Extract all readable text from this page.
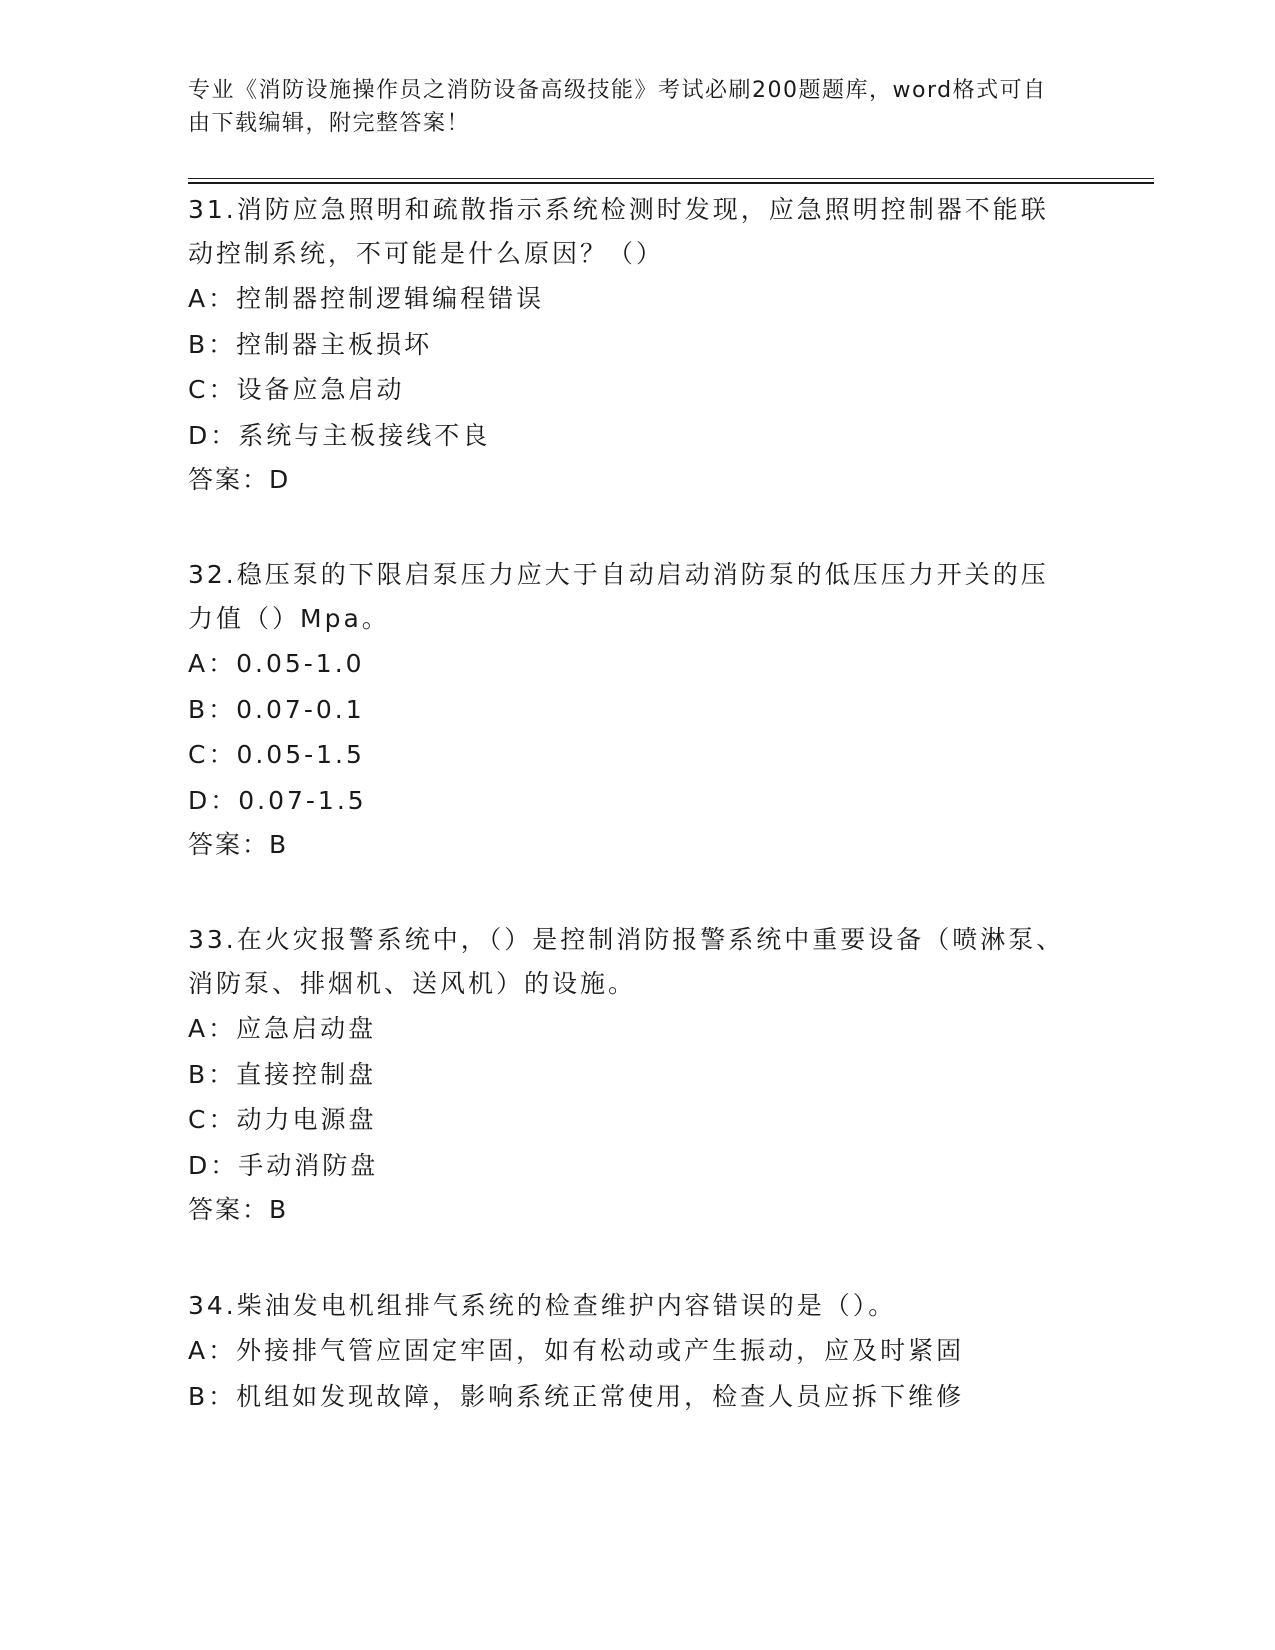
专业《消防设施操作员之消防设备高级技能》考试必刷200题题库，word格式可自由下载编辑，附完整答案！

31.消防应急照明和疏散指示系统检测时发现，应急照明控制器不能联动控制系统，不可能是什么原因？（）

A：控制器控制逻辑编程错误

B：控制器主板损坏

C：设备应急启动

D：系统与主板接线不良

答案：D

32.稳压泵的下限启泵压力应大于自动启动消防泵的低压压力开关的压力值（）Mpa。

A：0.05-1.0

B：0.07-0.1

C：0.05-1.5

D：0.07-1.5

答案：B

33.在火灾报警系统中，（）是控制消防报警系统中重要设备（喷淋泵、消防泵、排烟机、送风机）的设施。

A：应急启动盘

B：直接控制盘

C：动力电源盘

D：手动消防盘

答案：B

34.柴油发电机组排气系统的检查维护内容错误的是（）。

A：外接排气管应固定牢固，如有松动或产生振动，应及时紧固

B：机组如发现故障，影响系统正常使用，检查人员应拆下维修
